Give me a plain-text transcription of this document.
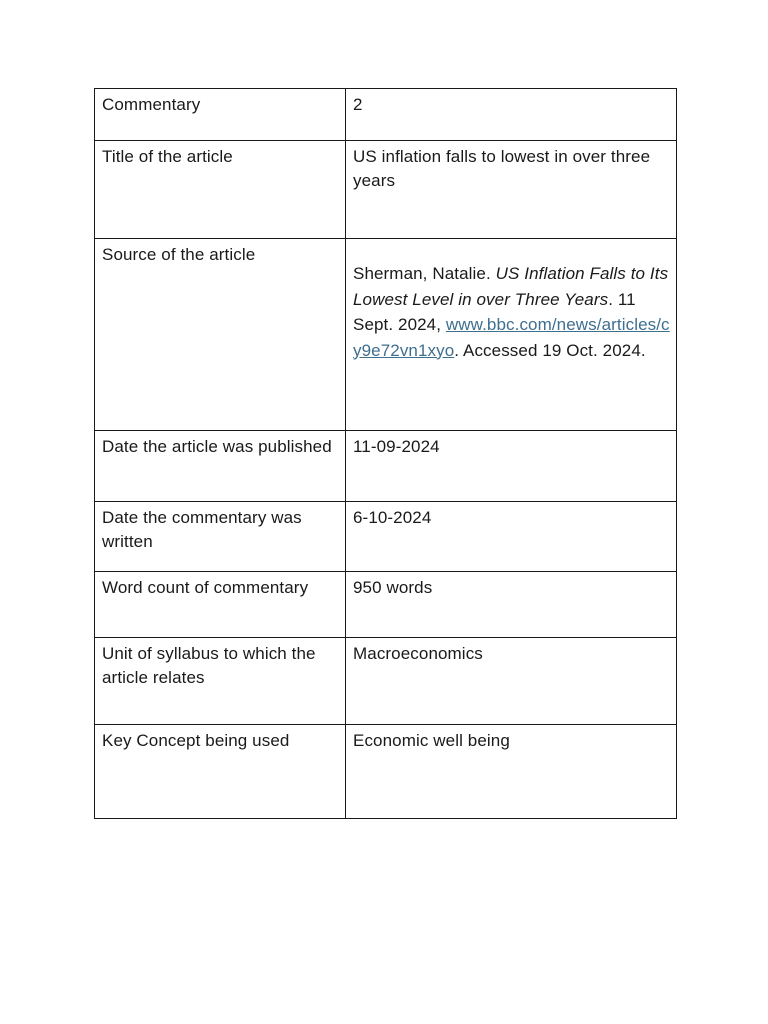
Commentary	2
Title of the article	US inflation falls to lowest in over three years
Source of the article	Sherman, Natalie. US Inflation Falls to Its Lowest Level in over Three Years. 11 Sept. 2024, www.bbc.com/news/articles/cy9e72vn1xyo. Accessed 19 Oct. 2024.

Date the article was published	11-09-2024
Date the commentary was written	6-10-2024
Word count of commentary	950 words
Unit of syllabus to which the article relates	Macroeconomics
Key Concept being used	Economic well being
